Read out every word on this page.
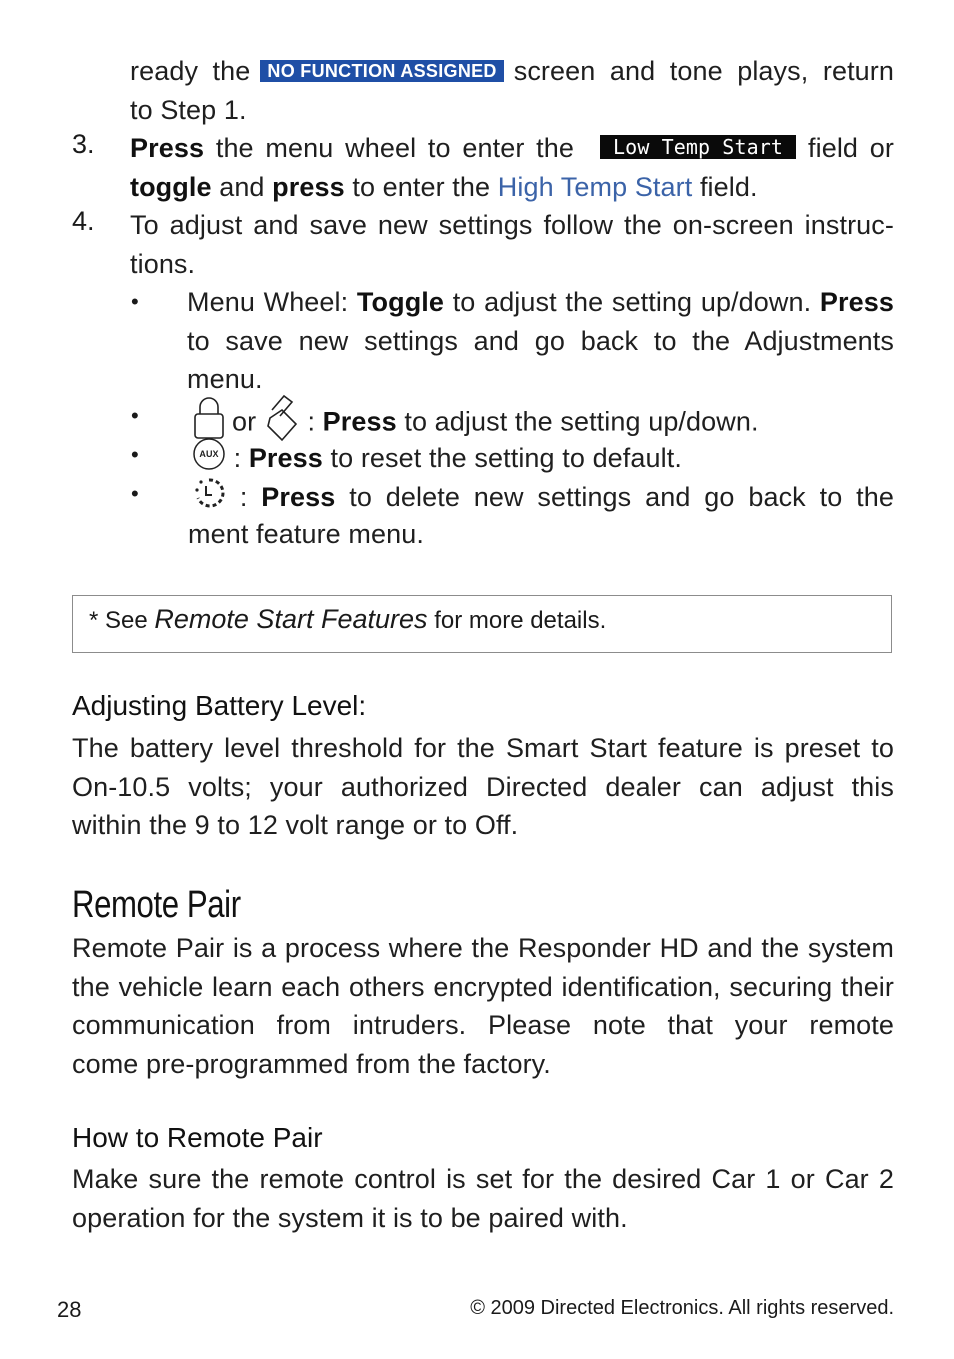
ready the NO FUNCTION ASSIGNED screen and tone plays, return
to Step 1.
3. Press the menu wheel to enter the Low Temp Start field or
toggle and press to enter the High Temp Start field.
4. To adjust and save new settings follow the on-screen instruc-
tions.
• Menu Wheel: Toggle to adjust the setting up/down. Press
to save new settings and go back to the Adjustments
menu.
•	or : Press to adjust the setting up/down.
•	AUX : Press to reset the setting to default.
•	: Press to delete new settings and go back to the
ment feature menu.
* See Remote Start Features for more details.
Adjusting Battery Level:
The battery level threshold for the Smart Start feature is preset to
On-10.5 volts; your authorized Directed dealer can adjust this
within the 9 to 12 volt range or to Off.
Remote Pair
Remote Pair is a process where the Responder HD and the system
the vehicle learn each others encrypted identification, securing their
communication from intruders. Please note that your remote
come pre-programmed from the factory.
How to Remote Pair
Make sure the remote control is set for the desired Car 1 or Car 2
operation for the system it is to be paired with.
28	© 2009 Directed Electronics. All rights reserved.
